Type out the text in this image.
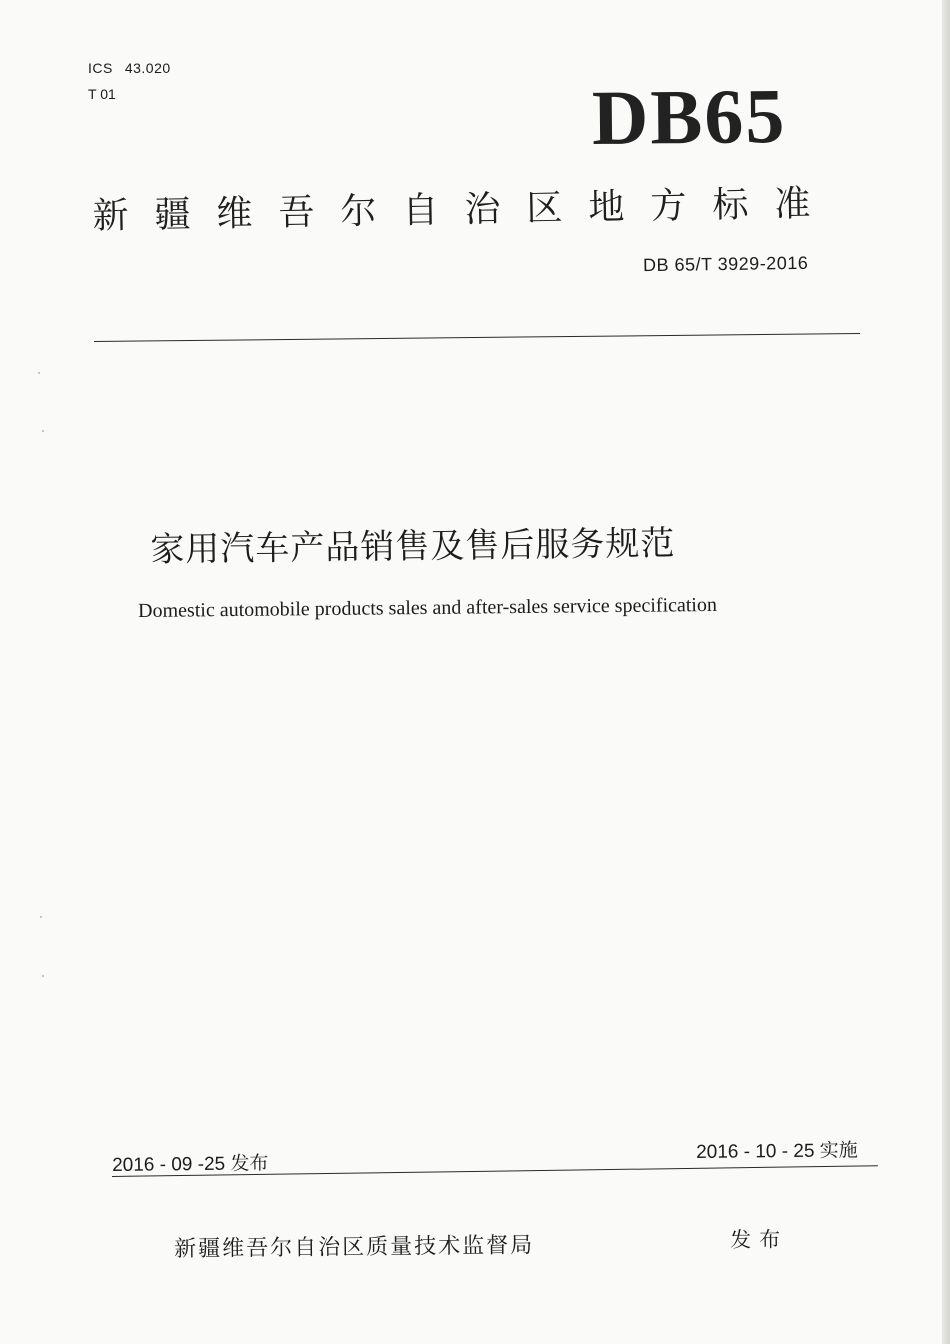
ICS 43.020
T 01	DB65
新疆维吾尔自治区地方标准
DB 65/T 3929-2016
家用汽车产品销售及售后服务规范
Domestic automobile products sales and after-sales service specification
2016 - 09 -25 发布
2016 - 10 - 25 实施
新疆维吾尔自治区质量技术监督局	发布
